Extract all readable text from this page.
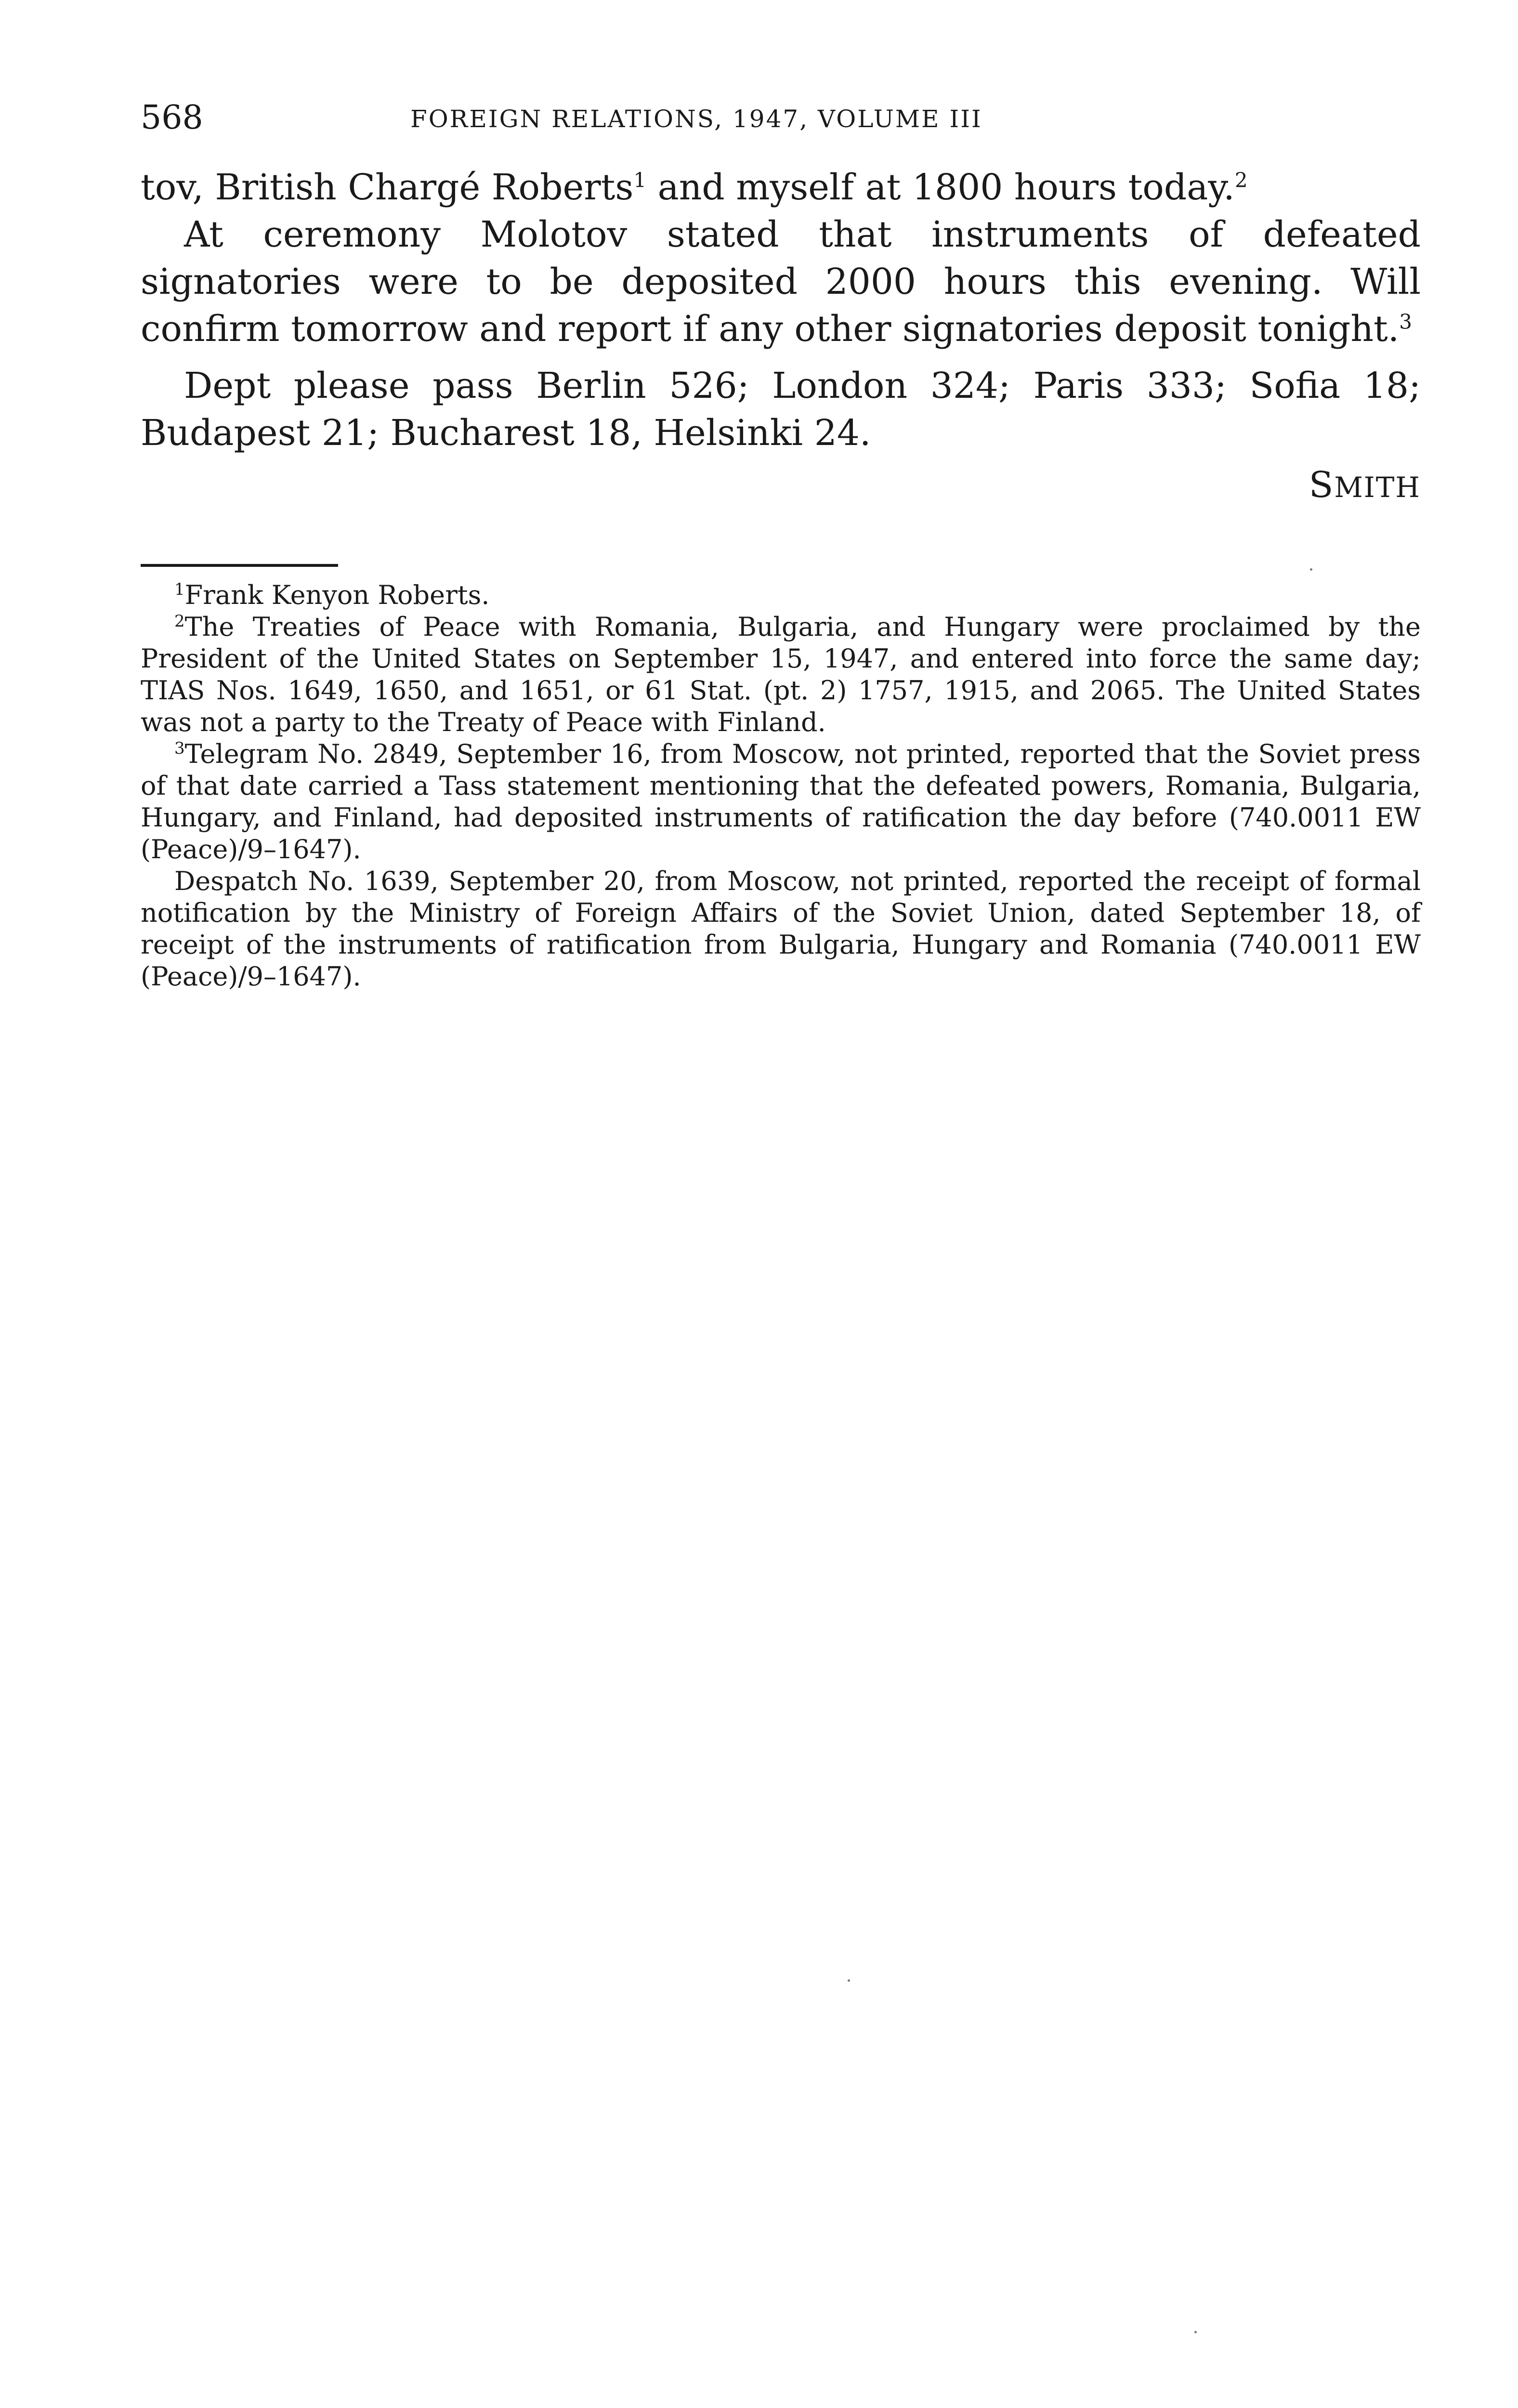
568	FOREIGN RELATIONS, 1947, VOLUME III

tov, British Chargé Roberts$^1$ and myself at 1800 hours today.$^2$

At ceremony Molotov stated that instruments of defeated signatories were to be deposited 2000 hours this evening. Will confirm tomorrow and report if any other signatories deposit tonight.$^3$

Dept please pass Berlin 526; London 324; Paris 333; Sofia 18; Budapest 21; Bucharest 18, Helsinki 24.

SMITH

$^1$Frank Kenyon Roberts.

$^2$The Treaties of Peace with Romania, Bulgaria, and Hungary were proclaimed by the President of the United States on September 15, 1947, and entered into force the same day; TIAS Nos. 1649, 1650, and 1651, or 61 Stat. (pt. 2) 1757, 1915, and 2065. The United States was not a party to the Treaty of Peace with Finland.

$^3$Telegram No. 2849, September 16, from Moscow, not printed, reported that the Soviet press of that date carried a Tass statement mentioning that the defeated powers, Romania, Bulgaria, Hungary, and Finland, had deposited instruments of ratification the day before (740.0011 EW (Peace)/9–1647).

Despatch No. 1639, September 20, from Moscow, not printed, reported the receipt of formal notification by the Ministry of Foreign Affairs of the Soviet Union, dated September 18, of receipt of the instruments of ratification from Bulgaria, Hungary and Romania (740.0011 EW (Peace)/9–1647).
